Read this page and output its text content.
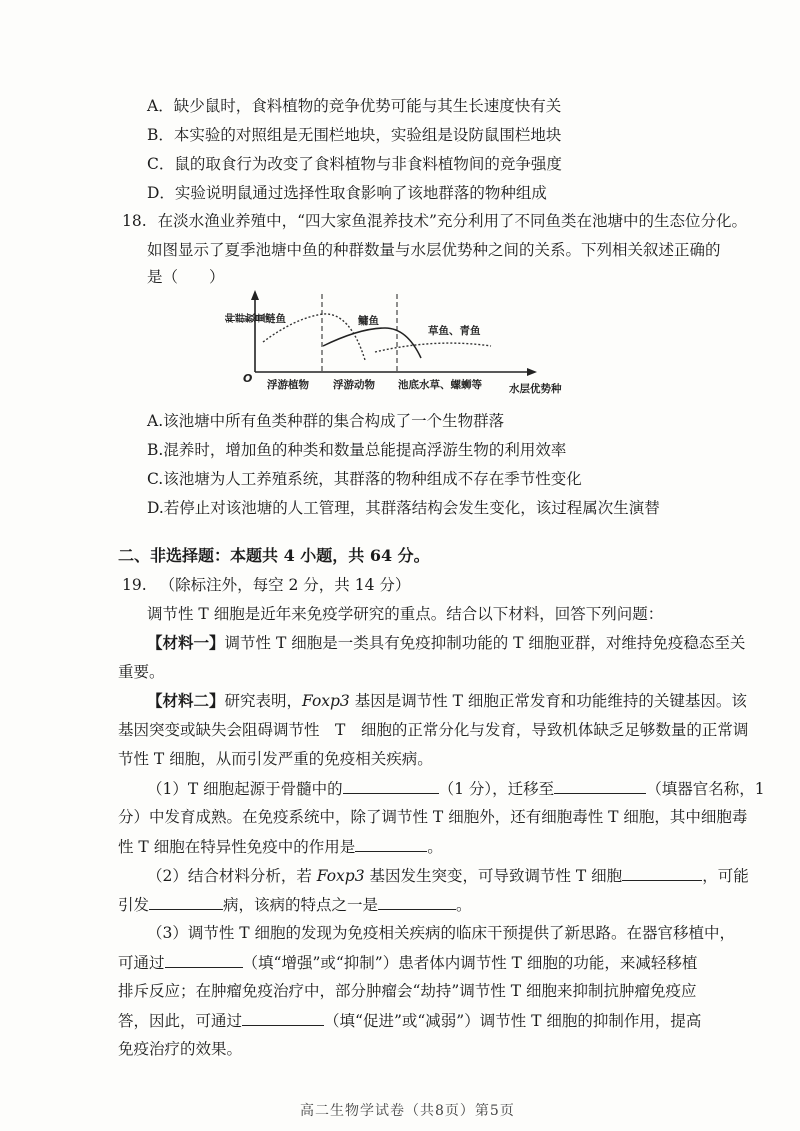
A．缺少鼠时，食料植物的竞争优势可能与其生长速度快有关
B．本实验的对照组是无围栏地块，实验组是设防鼠围栏地块
C．鼠的取食行为改变了食料植物与非食料植物间的竞争强度
D．实验说明鼠通过选择性取食影响了该地群落的物种组成
18. 在淡水渔业养殖中，“四大家鱼混养技术”充分利用了不同鱼类在池塘中的生态位分化。
如图显示了夏季池塘中鱼的种群数量与水层优势种之间的关系。下列相关叙述正确的
是（　　）
种群数量
O
鲢鱼	鳙鱼
草鱼、青鱼
浮游植物 浮游动物 池底水草、螺蛳等	水层优势种
A.该池塘中所有鱼类种群的集合构成了一个生物群落
B.混养时，增加鱼的种类和数量总能提高浮游生物的利用效率
C.该池塘为人工养殖系统，其群落的物种组成不存在季节性变化
D.若停止对该池塘的人工管理，其群落结构会发生变化，该过程属次生演替
二、非选择题：本题共 4 小题，共 64 分。
19. （除标注外，每空 2 分，共 14 分）
调节性 T 细胞是近年来免疫学研究的重点。结合以下材料，回答下列问题：
【材料一】调节性 T 细胞是一类具有免疫抑制功能的 T 细胞亚群，对维持免疫稳态至关
重要。
【材料二】研究表明，Foxp3 基因是调节性 T 细胞正常发育和功能维持的关键基因。该
基因突变或缺失会阻碍调节性　T　细胞的正常分化与发育，导致机体缺乏足够数量的正常调
节性 T 细胞，从而引发严重的免疫相关疾病。
（1）T 细胞起源于骨髓中的	（1 分），迁移至	（填器官名称，1
分）中发育成熟。在免疫系统中，除了调节性 T 细胞外，还有细胞毒性 T 细胞，其中细胞毒
性 T 细胞在特异性免疫中的作用是	。
（2）结合材料分析，若 Foxp3 基因发生突变，可导致调节性 T 细胞	，可能
引发	病，该病的特点之一是	。
（3）调节性 T 细胞的发现为免疫相关疾病的临床干预提供了新思路。在器官移植中，
可通过	（填“增强”或“抑制”）患者体内调节性 T 细胞的功能，来减轻移植
排斥反应；在肿瘤免疫治疗中，部分肿瘤会“劫持”调节性 T 细胞来抑制抗肿瘤免疫应
答，因此，可通过	（填“促进”或“减弱”）调节性 T 细胞的抑制作用，提高
免疫治疗的效果。
高二生物学试卷（共8页）第5页
